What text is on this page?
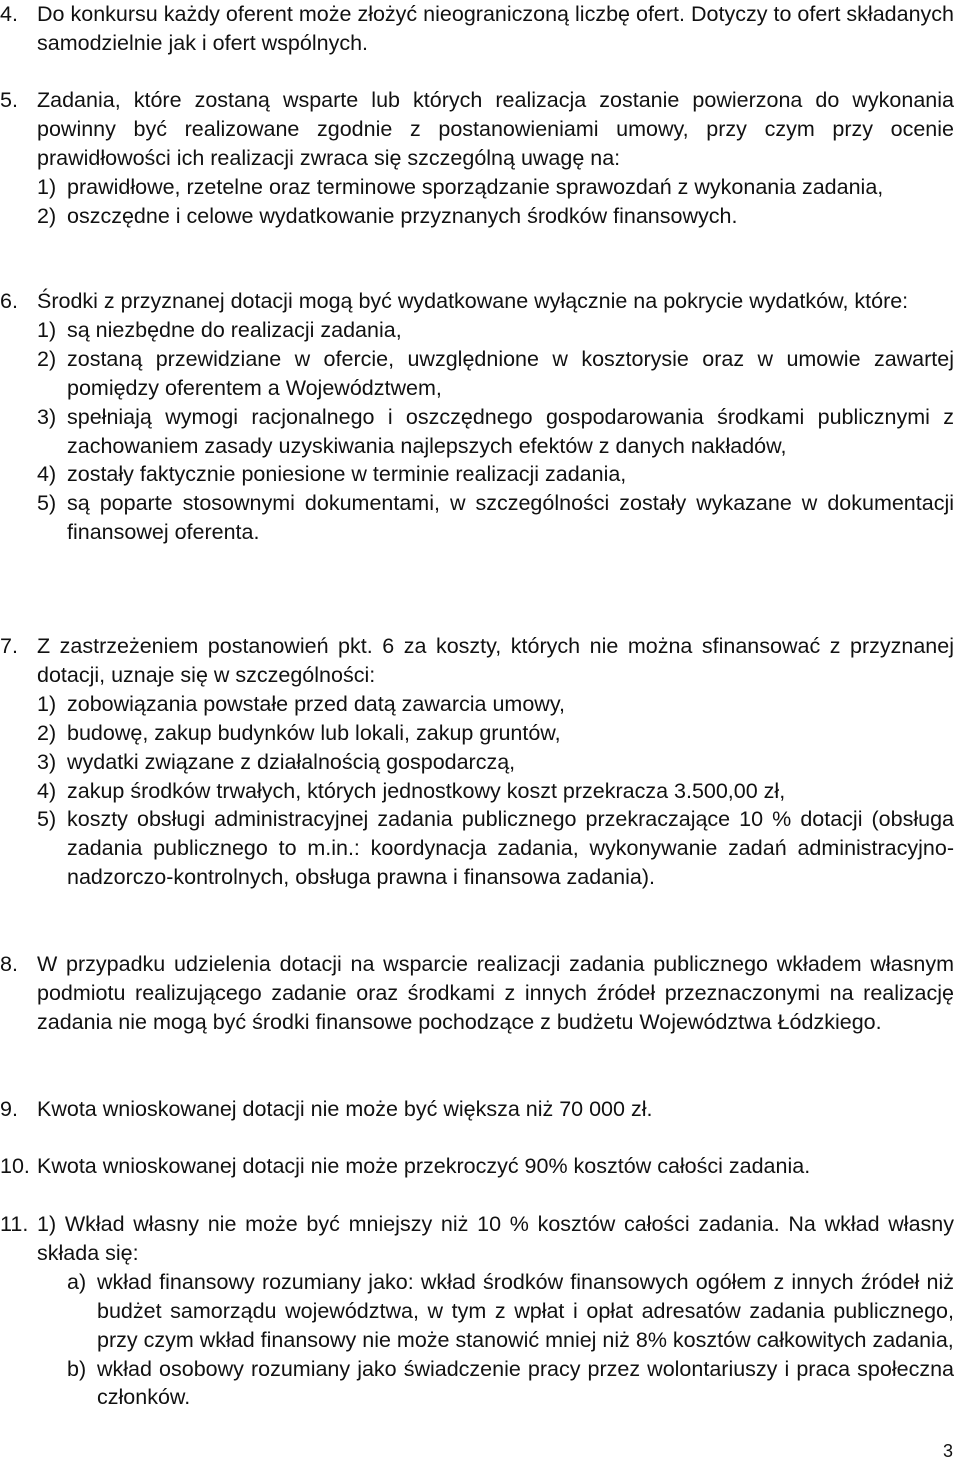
4. Do konkursu każdy oferent może złożyć nieograniczoną liczbę ofert. Dotyczy to ofert składanych samodzielnie jak i ofert wspólnych.
5. Zadania, które zostaną wsparte lub których realizacja zostanie powierzona do wykonania powinny być realizowane zgodnie z postanowieniami umowy, przy czym przy ocenie prawidłowości ich realizacji zwraca się szczególną uwagę na:
1) prawidłowe, rzetelne oraz terminowe sporządzanie sprawozdań z wykonania zadania,
2) oszczędne i celowe wydatkowanie przyznanych środków finansowych.
6. Środki z przyznanej dotacji mogą być wydatkowane wyłącznie na pokrycie wydatków, które:
1) są niezbędne do realizacji zadania,
2) zostaną przewidziane w ofercie, uwzględnione w kosztorysie oraz w umowie zawartej pomiędzy oferentem a Województwem,
3) spełniają wymogi racjonalnego i oszczędnego gospodarowania środkami publicznymi z zachowaniem zasady uzyskiwania najlepszych efektów z danych nakładów,
4) zostały faktycznie poniesione w terminie realizacji zadania,
5) są poparte stosownymi dokumentami, w szczególności zostały wykazane w dokumentacji finansowej oferenta.
7. Z zastrzeżeniem postanowień pkt. 6 za koszty, których nie można sfinansować z przyznanej dotacji, uznaje się w szczególności:
1) zobowiązania powstałe przed datą zawarcia umowy,
2) budowę, zakup budynków lub lokali, zakup gruntów,
3) wydatki związane z działalnością gospodarczą,
4) zakup środków trwałych, których jednostkowy koszt przekracza 3.500,00 zł,
5) koszty obsługi administracyjnej zadania publicznego przekraczające 10 % dotacji (obsługa zadania publicznego to m.in.: koordynacja zadania, wykonywanie zadań administracyjno-nadzorczo-kontrolnych, obsługa prawna i finansowa zadania).
8. W przypadku udzielenia dotacji na wsparcie realizacji zadania publicznego wkładem własnym podmiotu realizującego zadanie oraz środkami z innych źródeł przeznaczonymi na realizację zadania nie mogą być środki finansowe pochodzące z budżetu Województwa Łódzkiego.
9. Kwota wnioskowanej dotacji nie może być większa niż 70 000 zł.
10. Kwota wnioskowanej dotacji nie może przekroczyć 90% kosztów całości zadania.
11. 1) Wkład własny nie może być mniejszy niż 10 % kosztów całości zadania. Na wkład własny składa się:
a) wkład finansowy rozumiany jako: wkład środków finansowych ogółem z innych źródeł niż budżet samorządu województwa, w tym z wpłat i opłat adresatów zadania publicznego, przy czym wkład finansowy nie może stanowić mniej niż 8% kosztów całkowitych zadania,
b) wkład osobowy rozumiany jako świadczenie pracy przez wolontariuszy i praca społeczna członków.
3
